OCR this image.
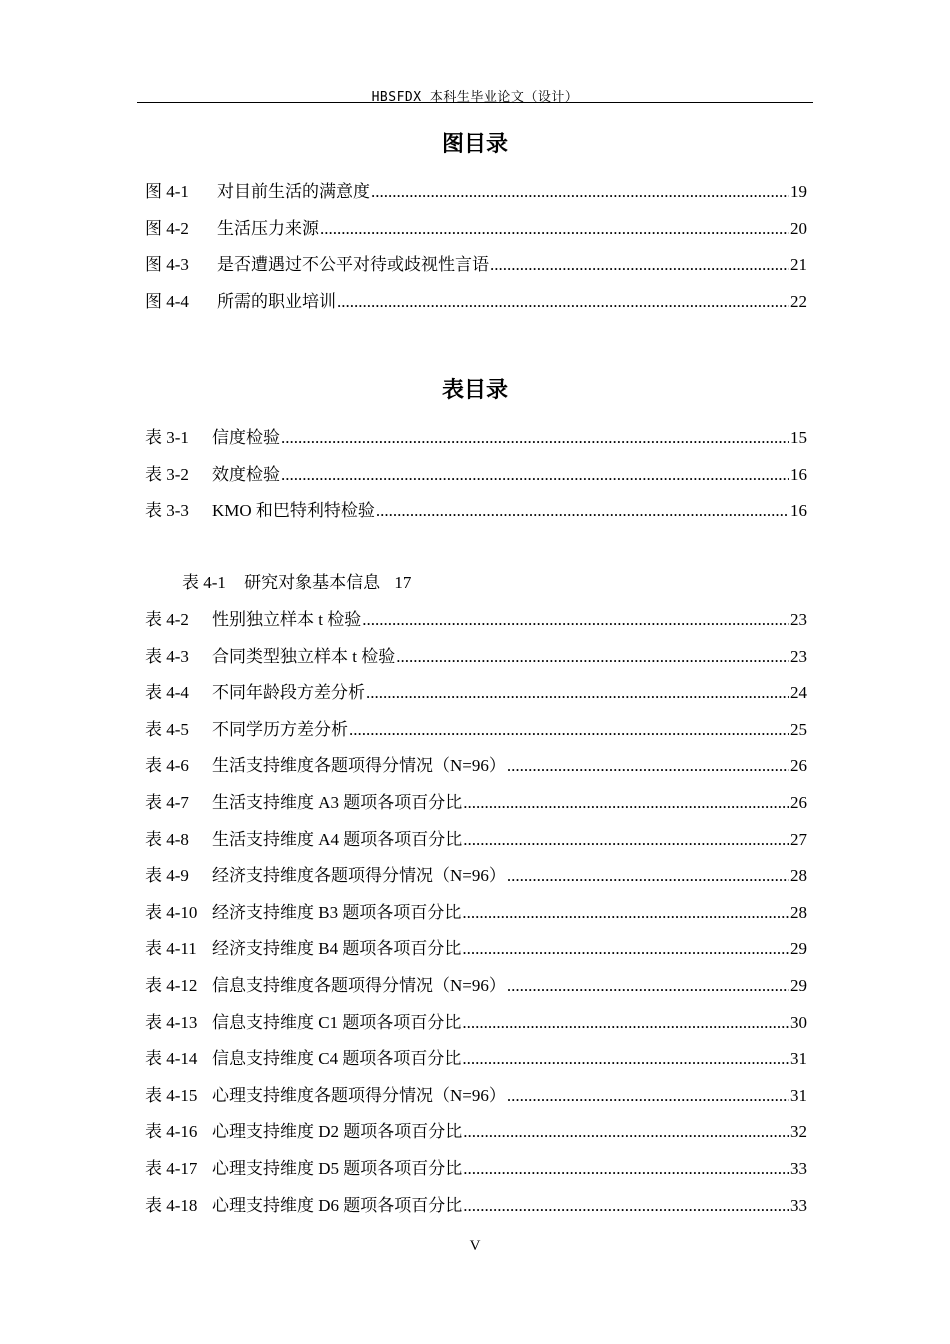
HBSFDX 本科生毕业论文（设计）
图目录
图 4-1	对目前生活的满意度 .....	19
图 4-2	生活压力来源 .....	20
图 4-3	是否遭遇过不公平对待或歧视性言语 .....	21
图 4-4	所需的职业培训 .....	22
表目录
表 3-1	信度检验 .....	15
表 3-2	效度检验 .....	16
表 3-3	KMO 和巴特利特检验 .....	16
表 4-1 研究对象基本信息 17
表 4-2	性别独立样本 t 检验 .....	23
表 4-3	合同类型独立样本 t 检验 .....	23
表 4-4	不同年龄段方差分析 .....	24
表 4-5	不同学历方差分析 .....	25
表 4-6	生活支持维度各题项得分情况（N=96） .....	26
表 4-7	生活支持维度 A3 题项各项百分比 .....	26
表 4-8	生活支持维度 A4 题项各项百分比 .....	27
表 4-9	经济支持维度各题项得分情况（N=96） .....	28
表 4-10 经济支持维度 B3 题项各项百分比 .....	28
表 4-11 经济支持维度 B4 题项各项百分比 .....	29
表 4-12 信息支持维度各题项得分情况（N=96） .....	29
表 4-13 信息支持维度 C1 题项各项百分比 .....	30
表 4-14 信息支持维度 C4 题项各项百分比 .....	31
表 4-15 心理支持维度各题项得分情况（N=96） .....	31
表 4-16 心理支持维度 D2 题项各项百分比 .....	32
表 4-17 心理支持维度 D5 题项各项百分比 .....	33
表 4-18 心理支持维度 D6 题项各项百分比 .....	33
V
